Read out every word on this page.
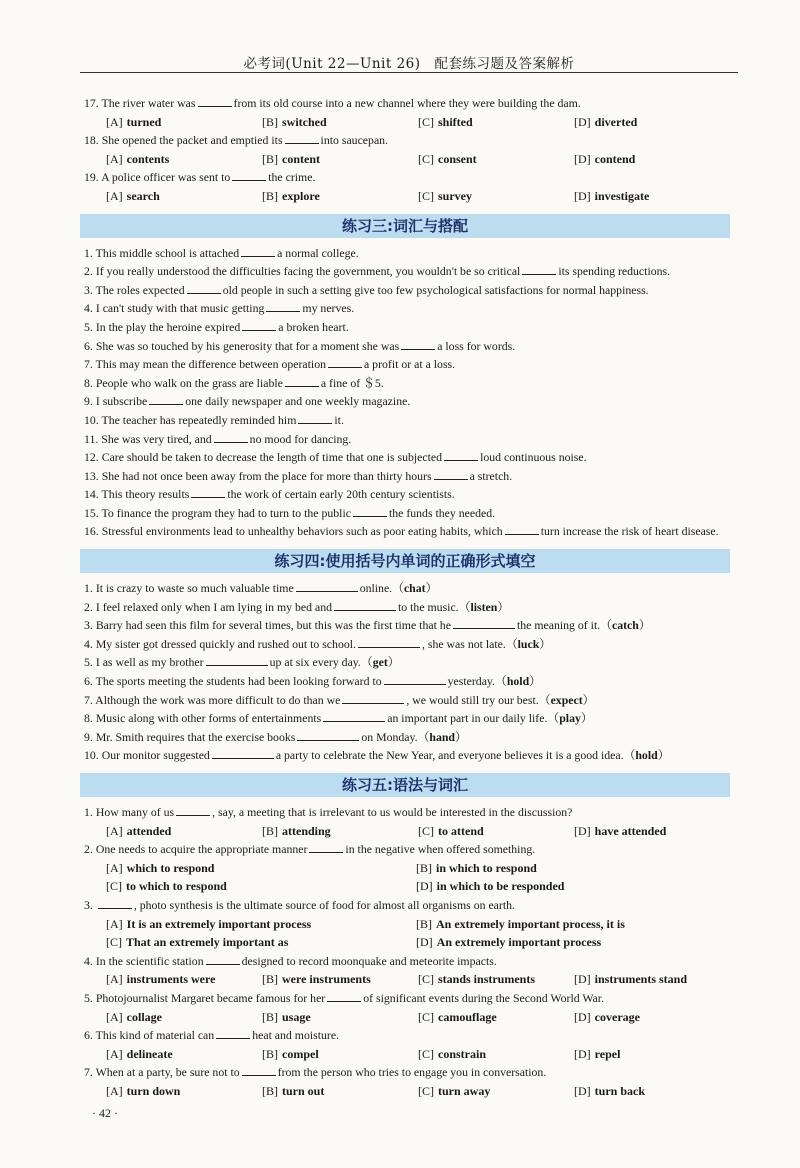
必考词(Unit 22—Unit 26)　配套练习题及答案解析
17. The river water was	from its old course into a new channel where they were building the dam.
[A] turned	[B] switched	[C] shifted	[D] diverted
18. She opened the packet and emptied its	into saucepan.
[A] contents	[B] content	[C] consent	[D] contend
19. A police officer was sent to	the crime.
[A] search	[B] explore	[C] survey	[D] investigate
练习三:词汇与搭配
1. This middle school is attached	a normal college.
2. If you really understood the difficulties facing the government, you wouldn't be so critical	its spending reductions.
3. The roles expected	old people in such a setting give too few psychological satisfactions for normal happiness.
4. I can't study with that music getting	my nerves.
5. In the play the heroine expired	a broken heart.
6. She was so touched by his generosity that for a moment she was	a loss for words.
7. This may mean the difference between operation	a profit or at a loss.
8. People who walk on the grass are liable	a fine of ＄5.
9. I subscribe	one daily newspaper and one weekly magazine.
10. The teacher has repeatedly reminded him	it.
11. She was very tired, and	no mood for dancing.
12. Care should be taken to decrease the length of time that one is subjected	loud continuous noise.
13. She had not once been away from the place for more than thirty hours	a stretch.
14. This theory results	the work of certain early 20th century scientists.
15. To finance the program they had to turn to the public	the funds they needed.
16. Stressful environments lead to unhealthy behaviors such as poor eating habits, which	turn increase the risk of heart disease.
练习四:使用括号内单词的正确形式填空
1. It is crazy to waste so much valuable time	online.（chat）
2. I feel relaxed only when I am lying in my bed and	to the music.（listen）
3. Barry had seen this film for several times, but this was the first time that he	the meaning of it.（catch）
4. My sister got dressed quickly and rushed out to school.	, she was not late.（luck）
5. I as well as my brother	up at six every day.（get）
6. The sports meeting the students had been looking forward to	yesterday.（hold）
7. Although the work was more difficult to do than we	, we would still try our best.（expect）
8. Music along with other forms of entertainments	an important part in our daily life.（play）
9. Mr. Smith requires that the exercise books	on Monday.（hand）
10. Our monitor suggested	a party to celebrate the New Year, and everyone believes it is a good idea.（hold）
练习五:语法与词汇
1. How many of us	, say, a meeting that is irrelevant to us would be interested in the discussion?
[A] attended	[B] attending	[C] to attend	[D] have attended
2. One needs to acquire the appropriate manner	in the negative when offered something.
[A] which to respond	[B] in which to respond
[C] to which to respond	[D] in which to be responded
3.	, photo synthesis is the ultimate source of food for almost all organisms on earth.
[A] It is an extremely important process	[B] An extremely important process, it is
[C] That an extremely important as	[D] An extremely important process
4. In the scientific station	designed to record moonquake and meteorite impacts.
[A] instruments were	[B] were instruments	[C] stands instruments	[D] instruments stand
5. Photojournalist Margaret became famous for her	of significant events during the Second World War.
[A] collage	[B] usage	[C] camouflage	[D] coverage
6. This kind of material can	heat and moisture.
[A] delineate	[B] compel	[C] constrain	[D] repel
7. When at a party, be sure not to	from the person who tries to engage you in conversation.
[A] turn down	[B] turn out	[C] turn away	[D] turn back
· 42 ·
